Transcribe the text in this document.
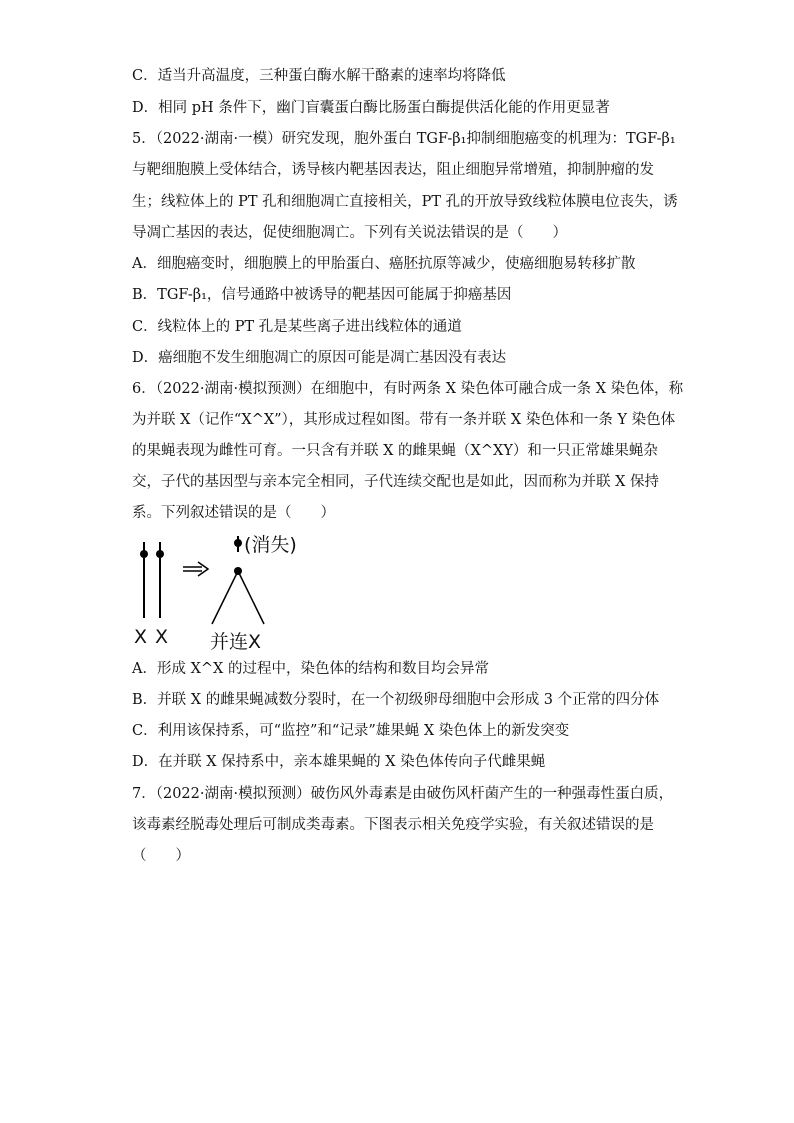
C．适当升高温度，三种蛋白酶水解干酪素的速率均将降低
D．相同 pH 条件下，幽门盲囊蛋白酶比肠蛋白酶提供活化能的作用更显著
5．（2022·湖南·一模）研究发现，胞外蛋白 TGF-β₁抑制细胞癌变的机理为：TGF-β₁
与靶细胞膜上受体结合，诱导核内靶基因表达，阻止细胞异常增殖，抑制肿瘤的发
生；线粒体上的 PT 孔和细胞凋亡直接相关，PT 孔的开放导致线粒体膜电位丧失，诱
导凋亡基因的表达，促使细胞凋亡。下列有关说法错误的是（　　）
A．细胞癌变时，细胞膜上的甲胎蛋白、癌胚抗原等减少，使癌细胞易转移扩散
B．TGF-β₁，信号通路中被诱导的靶基因可能属于抑癌基因
C．线粒体上的 PT 孔是某些离子进出线粒体的通道
D．癌细胞不发生细胞凋亡的原因可能是凋亡基因没有表达
6．（2022·湖南·模拟预测）在细胞中，有时两条 X 染色体可融合成一条 X 染色体，称
为并联 X（记作“X^X”），其形成过程如图。带有一条并联 X 染色体和一条 Y 染色体
的果蝇表现为雌性可育。一只含有并联 X 的雌果蝇（X^XY）和一只正常雄果蝇杂
交，子代的基因型与亲本完全相同，子代连续交配也是如此，因而称为并联 X 保持
系。下列叙述错误的是（　　）
X X
(消失)
并连X
A．形成 X^X 的过程中，染色体的结构和数目均会异常
B．并联 X 的雌果蝇减数分裂时，在一个初级卵母细胞中会形成 3 个正常的四分体
C．利用该保持系，可“监控”和“记录”雄果蝇 X 染色体上的新发突变
D．在并联 X 保持系中，亲本雄果蝇的 X 染色体传向子代雌果蝇
7．（2022·湖南·模拟预测）破伤风外毒素是由破伤风杆菌产生的一种强毒性蛋白质，
该毒素经脱毒处理后可制成类毒素。下图表示相关免疫学实验，有关叙述错误的是
（　　）
